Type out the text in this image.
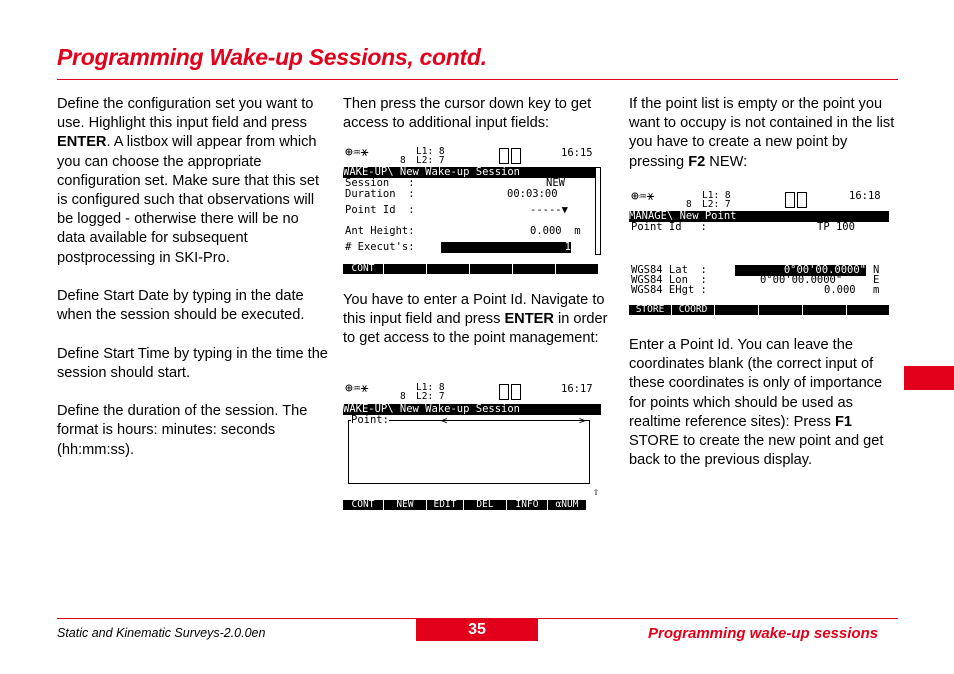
Programming Wake-up Sessions, contd.

Define the configuration set you want to use. Highlight this input field and press ENTER. A listbox will appear from which you can choose the appropriate configuration set. Make sure that this set is configured such that observations will be logged - otherwise there will be no data available for subsequent postprocessing in SKI-Pro.

Define Start Date by typing in the date when the session should be executed.

Define Start Time by typing in the time the session should start.

Define the duration of the session. The format is hours: minutes: seconds (hh:mm:ss).

Then press the cursor down key to get access to additional input fields:

You have to enter a Point Id. Navigate to this input field and press ENTER in order to get access to the point management:

If the point list is empty or the point you want to occupy is not contained in the list you have to create a new point by pressing F2 NEW:

Enter a Point Id. You can leave the coordinates blank (the correct input of these coordinates is only of importance for points which should be used as realtime reference sites): Press F1 STORE to create the new point and get back to the previous display.

⊕♒⚹	L1: 8
L2: 7
8
16:15
WAKE-UP\ New Wake-up Session
Session   :	NEW
Duration  :	00:03:00
Point Id  :	-----▼
Ant Height:	0.000  m
# Execut's:	1
CONT
⊕♒⚹	L1: 8
L2: 7
8
16:17
WAKE-UP\ New Wake-up Session
Point:	<	>
⇧
CONT	NEW	EDIT	DEL	INFO	αNUM
⊕♒⚹	L1: 8
L2: 7
8
16:18
MANAGE\ New Point
Point Id   :	TP 100
WGS84 Lat  :	0°00'00.0000" N
WGS84 Lon  :	0°00'00.0000"	E
WGS84 EHgt :	0.000 m
STORE	COORD
Static and Kinematic Surveys-2.0.0en	35	Programming wake-up sessions
